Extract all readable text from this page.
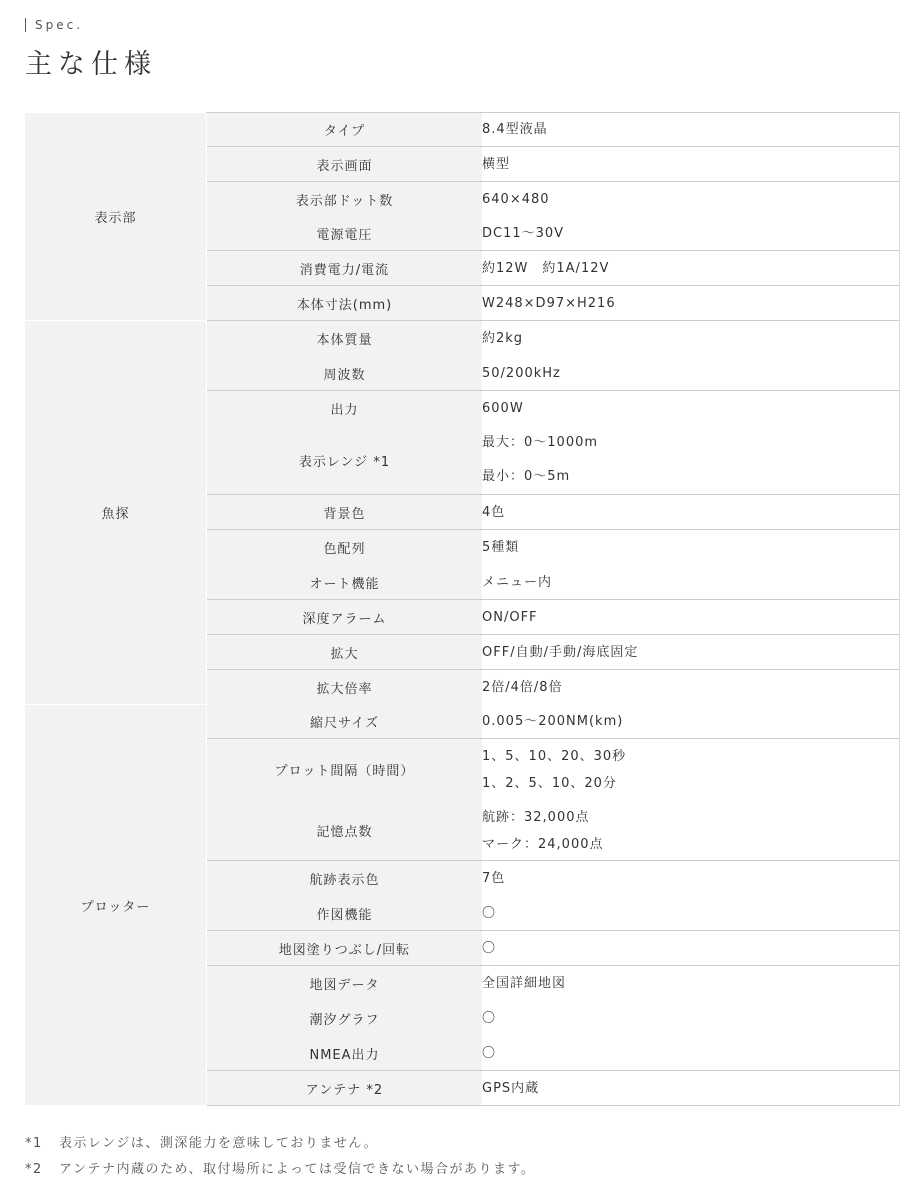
Spec.
主な仕様
表示部	タイプ	8.4型液晶

	表示画面	横型

	表示部ドット数	640×480

	電源電圧	DC11～30V

	消費電力/電流	約12W　約1A/12V

	本体寸法(mm)	W248×D97×H216

魚探	本体質量	約2kg

	周波数	50/200kHz

	出力	600W

	表示レンジ *1	最大：0～1000m
最小：0～5m

	背景色	4色

	色配列	5種類

	オート機能	メニュー内

	深度アラーム	ON/OFF

	拡大	OFF/自動/手動/海底固定

	拡大倍率	2倍/4倍/8倍

プロッター	縮尺サイズ	0.005～200NM(km)

	プロット間隔（時間）	1、5、10、20、30秒
1、2、5、10、20分

	記憶点数	航跡：32,000点
マーク：24,000点

	航跡表示色	7色

	作図機能	〇

	地図塗りつぶし/回転	〇

	地図データ	全国詳細地図

	潮汐グラフ	〇

	NMEA出力	〇

	アンテナ *2	GPS内蔵
*1 表示レンジは、測深能力を意味しておりません。
*2 アンテナ内蔵のため、取付場所によっては受信できない場合があります。
